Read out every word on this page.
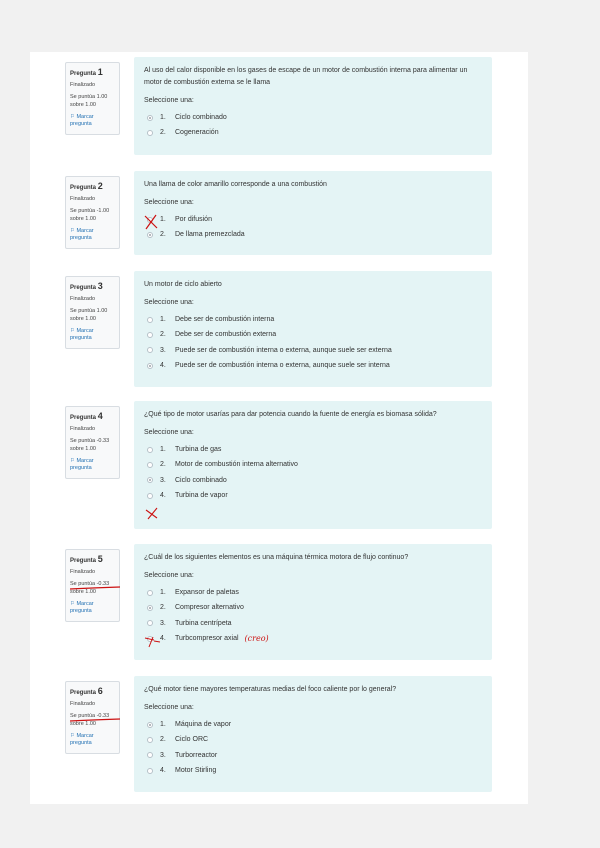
Pregunta 1
Finalizado
Se puntúa 1.00
sobre 1.00
⚐ Marcar
pregunta
Al uso del calor disponible en los gases de escape de un motor de combustión interna para alimentar un motor de combustión externa se le llama
Seleccione una:
1.	Ciclo combinado
2.	Cogeneración
Pregunta 2
Finalizado
Se puntúa -1.00
sobre 1.00
⚐ Marcar
pregunta
Una llama de color amarillo corresponde a una combustión
Seleccione una:
1.	Por difusión
2.	De llama premezclada
Pregunta 3
Finalizado
Se puntúa 1.00
sobre 1.00
⚐ Marcar
pregunta
Un motor de ciclo abierto
Seleccione una:
1.	Debe ser de combustión interna
2.	Debe ser de combustión externa
3.	Puede ser de combustión interna o externa, aunque suele ser externa
4.	Puede ser de combustión interna o externa, aunque suele ser interna
Pregunta 4
Finalizado
Se puntúa -0.33
sobre 1.00
⚐ Marcar
pregunta
¿Qué tipo de motor usarías para dar potencia cuando la fuente de energía es biomasa sólida?
Seleccione una:
1.	Turbina de gas
2.	Motor de combustión interna alternativo
3.	Ciclo combinado
4.	Turbina de vapor
Pregunta 5
Finalizado
Se puntúa -0.33
sobre 1.00
⚐ Marcar
pregunta
¿Cuál de los siguientes elementos es una máquina térmica motora de flujo continuo?
Seleccione una:
1.	Expansor de paletas
2.	Compresor alternativo
3.	Turbina centrípeta
4.	Turbcompresor axial (creo)
Pregunta 6
Finalizado
Se puntúa -0.33
sobre 1.00
⚐ Marcar
pregunta
¿Qué motor tiene mayores temperaturas medias del foco caliente por lo general?
Seleccione una:
1.	Máquina de vapor
2.	Ciclo ORC
3.	Turborreactor
4.	Motor Stirling
